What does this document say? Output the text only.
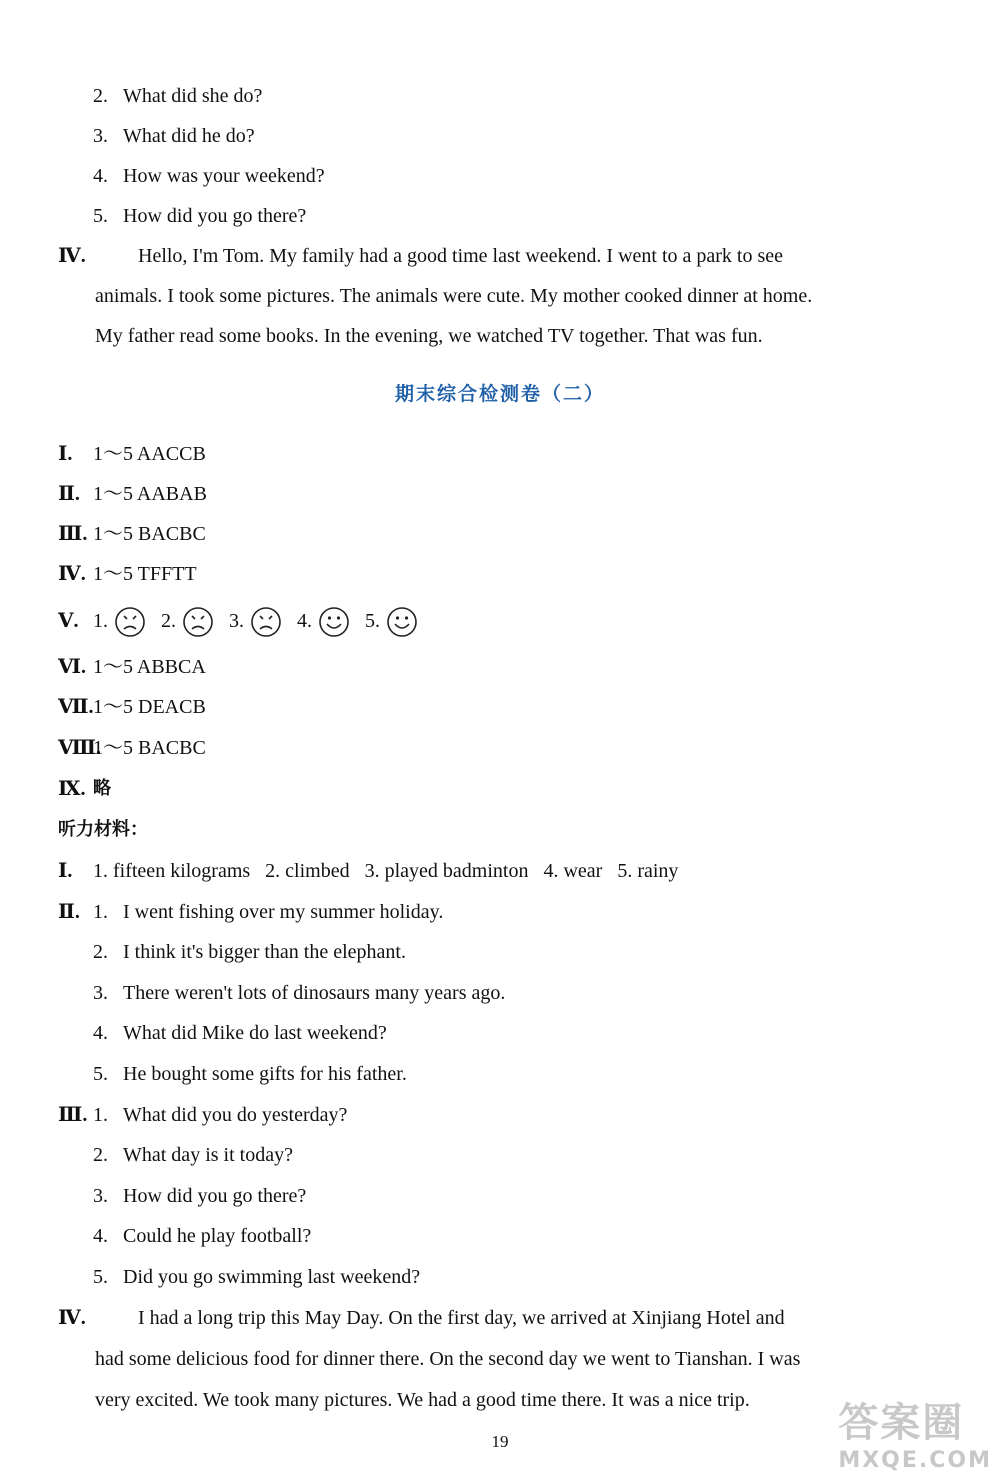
2. What did she do?
3. What did he do?
4. How was your weekend?
5. How did you go there?
Ⅳ.	Hello, I'm Tom. My family had a good time last weekend. I went to a park to see
animals. I took some pictures. The animals were cute. My mother cooked dinner at home.
My father read some books. In the evening, we watched TV together. That was fun.
期末综合检测卷（二）
Ⅰ. 1～5 AACCB
Ⅱ. 1～5 AABAB
Ⅲ. 1～5 BACBC
Ⅳ. 1～5 TFFTT
Ⅴ. 1.	2.	3.	4.	5.
Ⅵ. 1～5 ABBCA
Ⅶ. 1～5 DEACB
Ⅷ.
1～5 BACBC
Ⅸ. 略
听力材料：
Ⅰ. 1. fifteen kilograms   2. climbed   3. played badminton   4. wear   5. rainy
Ⅱ. 1. I went fishing over my summer holiday.
2. I think it's bigger than the elephant.
3. There weren't lots of dinosaurs many years ago.
4. What did Mike do last weekend?
5. He bought some gifts for his father.
Ⅲ. 1. What did you do yesterday?
2. What day is it today?
3. How did you go there?
4. Could he play football?
5. Did you go swimming last weekend?
Ⅳ.	I had a long trip this May Day. On the first day, we arrived at Xinjiang Hotel and
had some delicious food for dinner there. On the second day we went to Tianshan. I was
very excited. We took many pictures. We had a good time there. It was a nice trip.
19	答案圈
MXQE.COM
